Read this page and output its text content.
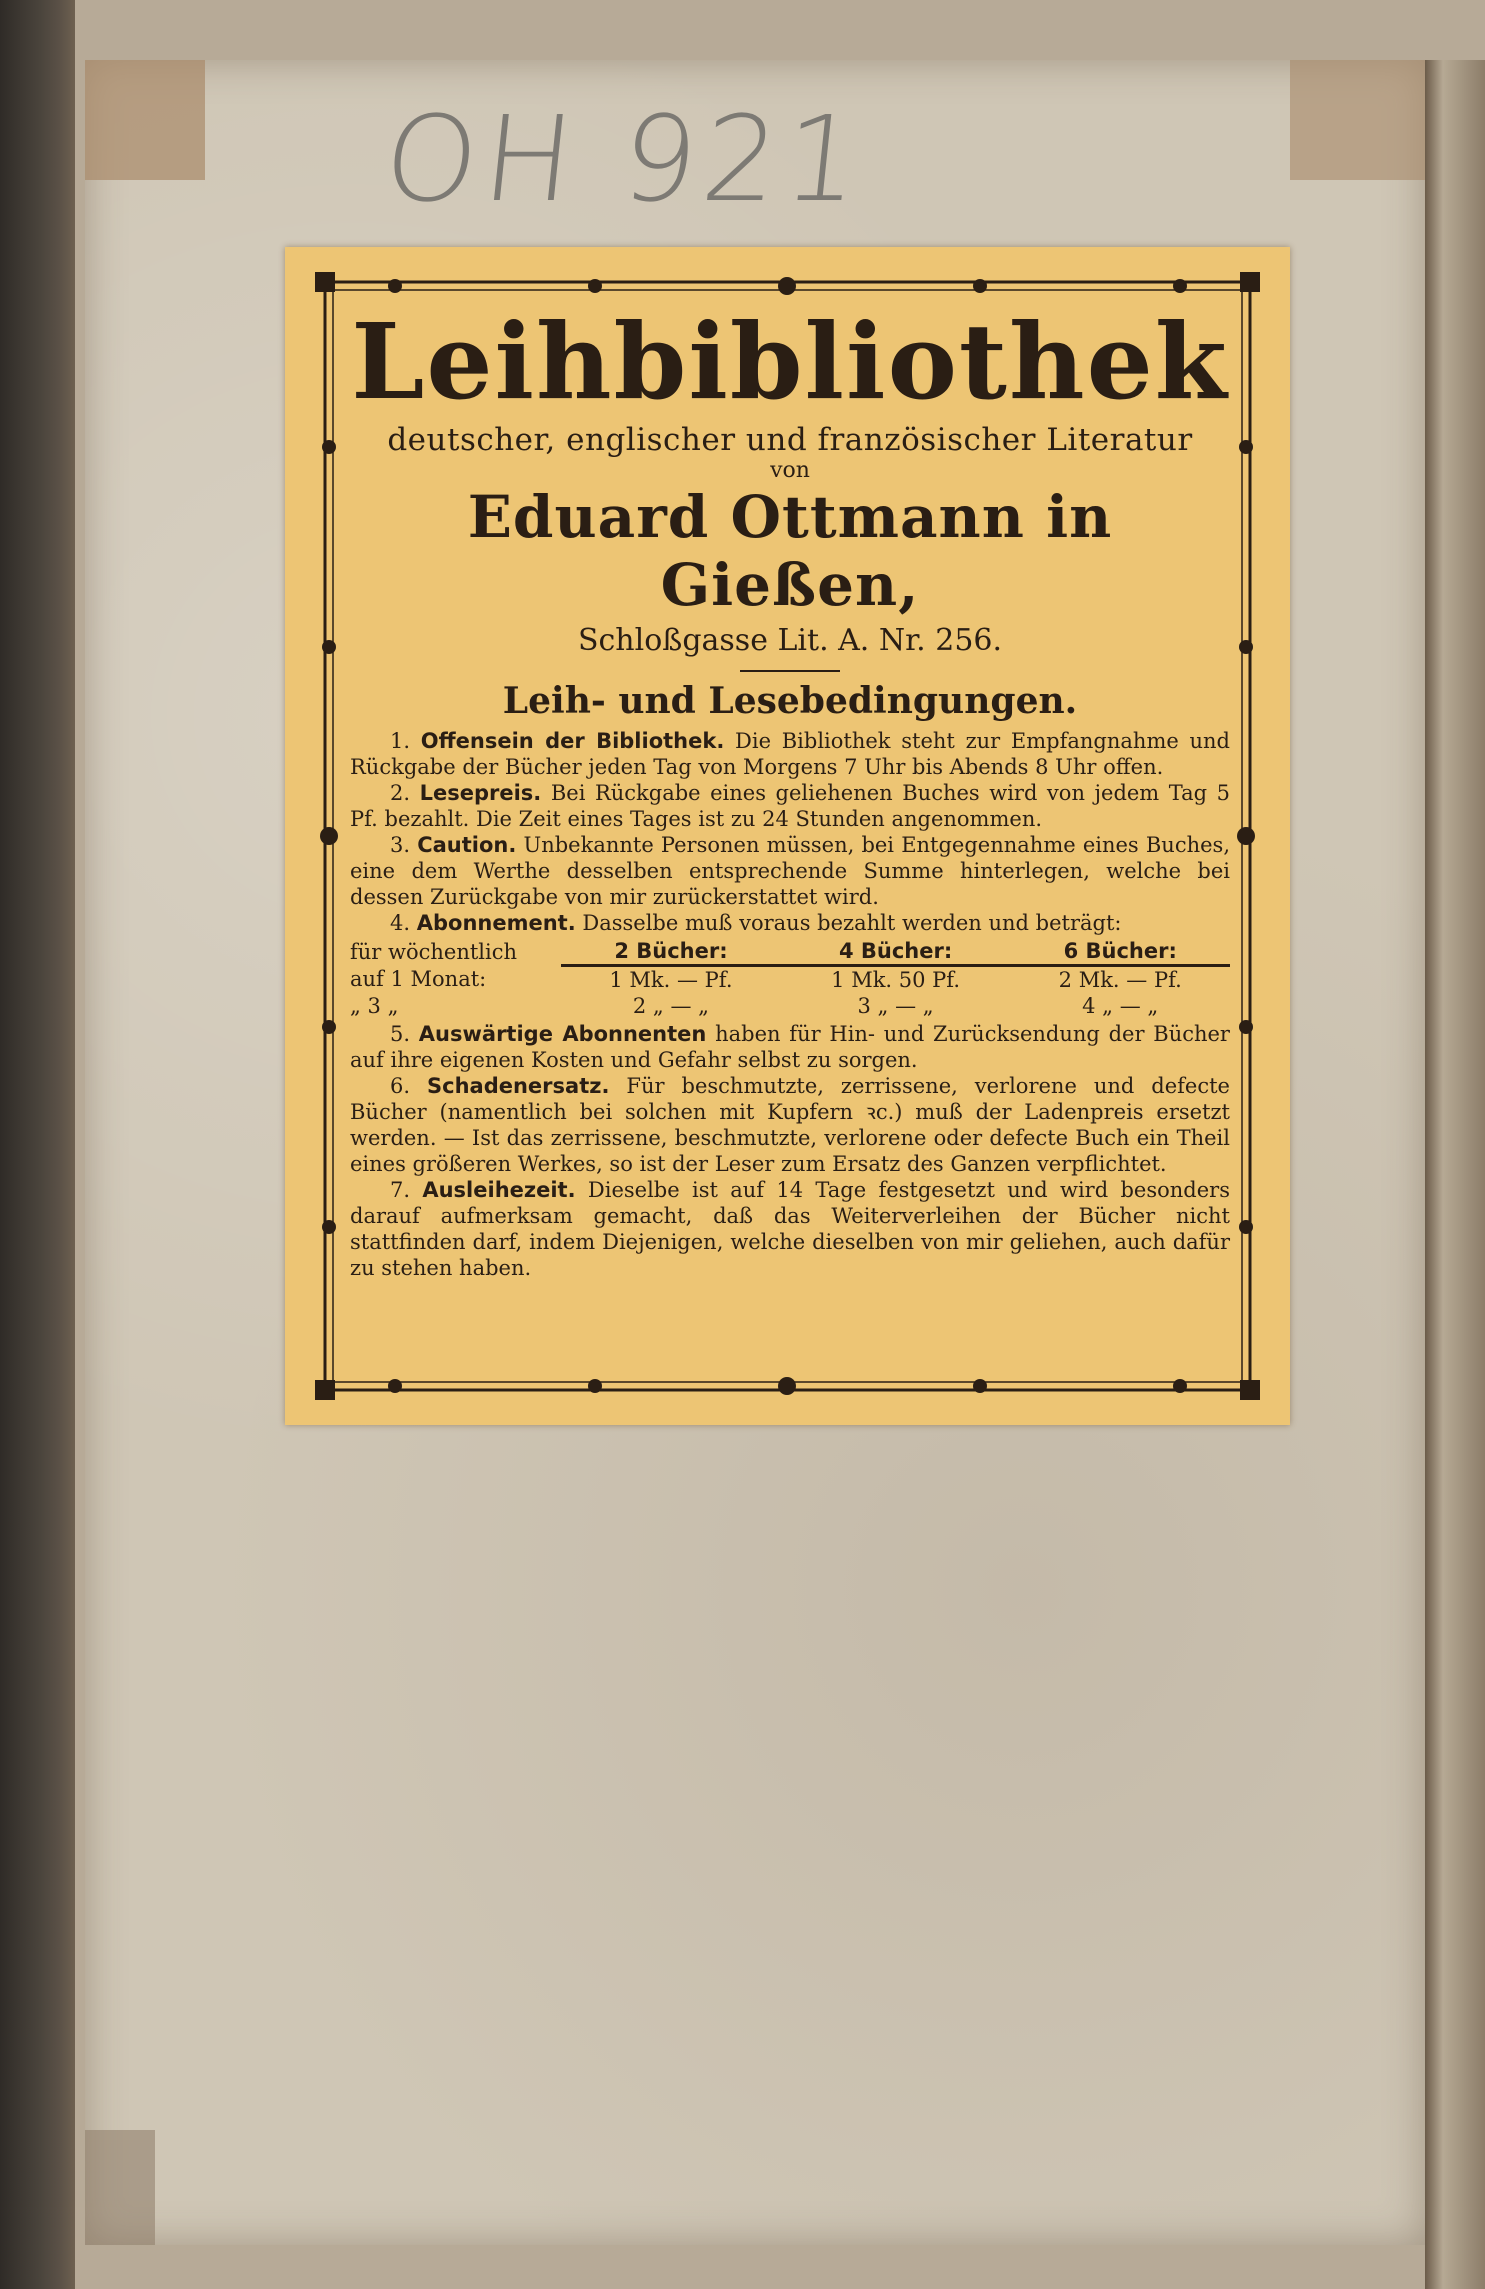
OH 921
Leihbibliothek
deutscher, englischer und französischer Literatur
von
Eduard Ottmann in Gießen,
Schloßgasse Lit. A. Nr. 256.
Leih- und Lesebedingungen.

1. Offensein der Bibliothek. Die Bibliothek steht zur Empfangnahme und Rückgabe der Bücher jeden Tag von Morgens 7 Uhr bis Abends 8 Uhr offen.

2. Lesepreis. Bei Rückgabe eines geliehenen Buches wird von jedem Tag 5 Pf. bezahlt. Die Zeit eines Tages ist zu 24 Stunden angenommen.

3. Caution. Unbekannte Personen müssen, bei Entgegennahme eines Buches, eine dem Werthe desselben entsprechende Summe hinterlegen, welche bei dessen Zurückgabe von mir zurückerstattet wird.

4. Abonnement. Dasselbe muß voraus bezahlt werden und beträgt:

für wöchentlich	2 Bücher:	4 Bücher:	6 Bücher:
auf 1 Monat:	1 Mk. — Pf.	1 Mk. 50 Pf.	2 Mk. — Pf.
„ 3 „	2 „ — „	3 „ — „	4 „ — „

5. Auswärtige Abonnenten haben für Hin- und Zurücksendung der Bücher auf ihre eigenen Kosten und Gefahr selbst zu sorgen.

6. Schadenersatz. Für beschmutzte, zerrissene, verlorene und defecte Bücher (namentlich bei solchen mit Kupfern ꝛc.) muß der Ladenpreis ersetzt werden. — Ist das zerrissene, beschmutzte, verlorene oder defecte Buch ein Theil eines größeren Werkes, so ist der Leser zum Ersatz des Ganzen verpflichtet.

7. Ausleihezeit. Dieselbe ist auf 14 Tage festgesetzt und wird besonders darauf aufmerksam gemacht, daß das Weiterverleihen der Bücher nicht stattfinden darf, indem Diejenigen, welche dieselben von mir geliehen, auch dafür zu stehen haben.
